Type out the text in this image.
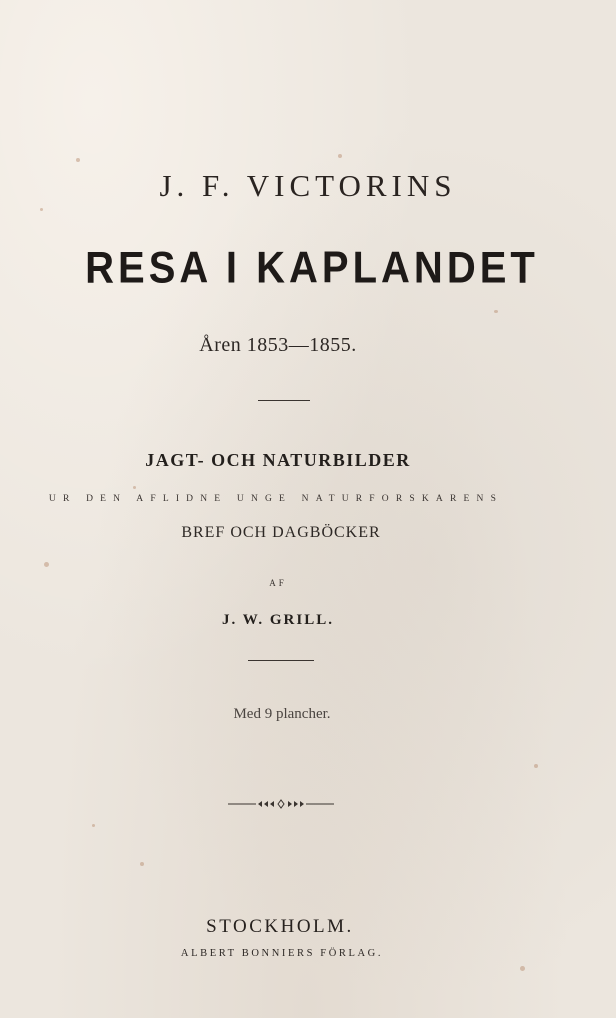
J. F. VICTORINS
RESA I KAPLANDET
Åren 1853—1855.
JAGT- OCH NATURBILDER
UR DEN AFLIDNE UNGE NATURFORSKARENS
BREF OCH DAGBÖCKER
AF
J. W. GRILL.
Med 9 plancher.
STOCKHOLM.
ALBERT BONNIERS FÖRLAG.
